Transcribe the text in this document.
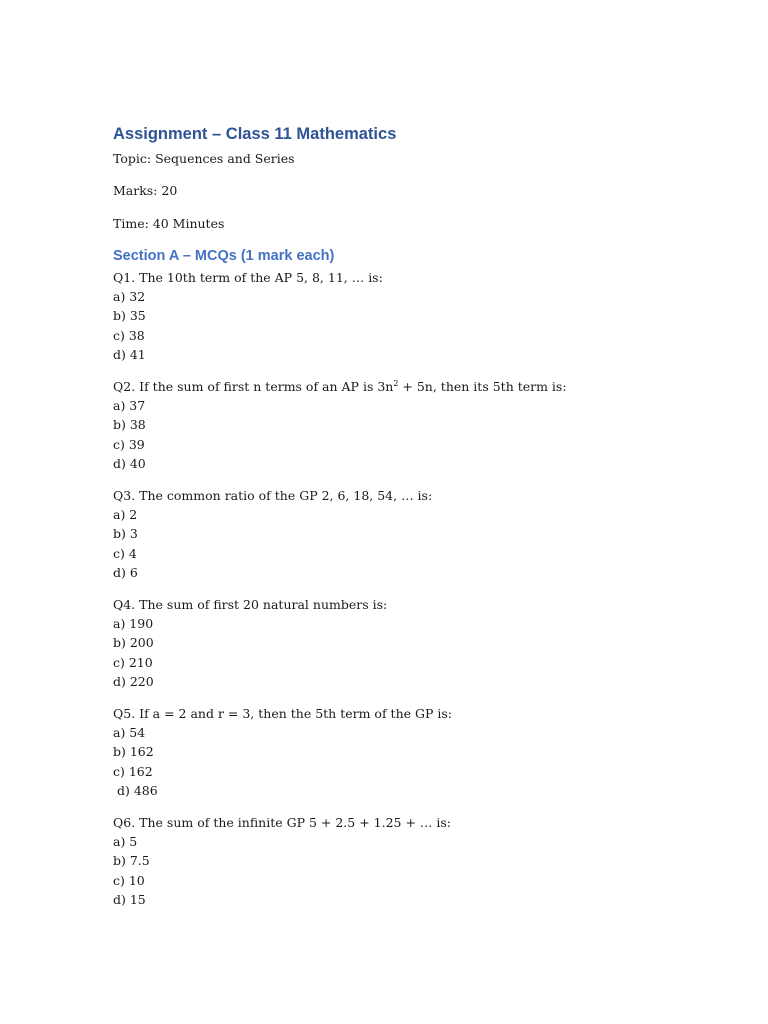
Assignment – Class 11 Mathematics
Topic: Sequences and Series
Marks: 20
Time: 40 Minutes
Section A – MCQs (1 mark each)
Q1. The 10th term of the AP 5, 8, 11, … is:
a) 32
b) 35
c) 38
d) 41
Q2. If the sum of first n terms of an AP is $3n^2 + 5n$, then its 5th term is:
a) 37
b) 38
c) 39
d) 40
Q3. The common ratio of the GP 2, 6, 18, 54, … is:
a) 2
b) 3
c) 4
d) 6
Q4. The sum of first 20 natural numbers is:
a) 190
b) 200
c) 210
d) 220
Q5. If a = 2 and r = 3, then the 5th term of the GP is:
a) 54
b) 162
c) 162
d) 486
Q6. The sum of the infinite GP 5 + 2.5 + 1.25 + … is:
a) 5
b) 7.5
c) 10
d) 15
